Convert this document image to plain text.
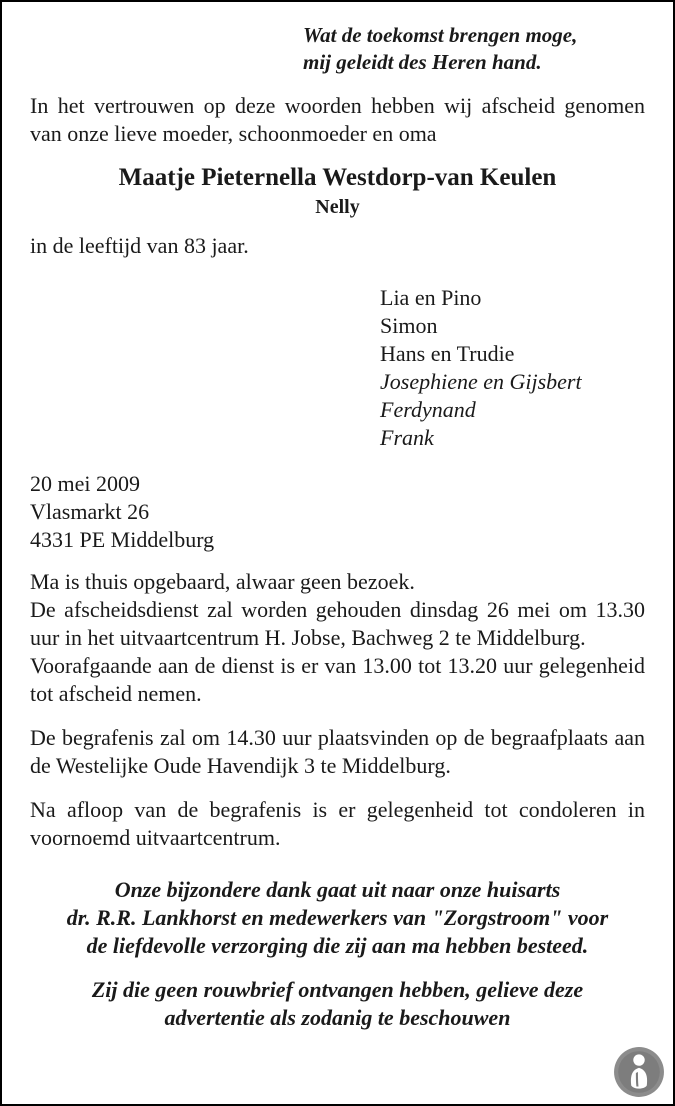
Wat de toekomst brengen moge,
mij geleidt des Heren hand.

In het vertrouwen op deze woorden hebben wij afscheid genomen van onze lieve moeder, schoonmoeder en oma

Maatje Pieternella Westdorp-van Keulen
Nelly

in de leeftijd van 83 jaar.

Lia en Pino
Simon
Hans en Trudie
Josephiene en Gijsbert
Ferdynand
Frank
20 mei 2009
Vlasmarkt 26
4331 PE Middelburg

Ma is thuis opgebaard, alwaar geen bezoek.

De afscheidsdienst zal worden gehouden dinsdag 26 mei om 13.30 uur in het uitvaartcentrum H. Jobse, Bachweg 2 te Middelburg.

Voorafgaande aan de dienst is er van 13.00 tot 13.20 uur gelegenheid tot afscheid nemen.

De begrafenis zal om 14.30 uur plaatsvinden op de begraafplaats aan de Westelijke Oude Havendijk 3 te Middelburg.

Na afloop van de begrafenis is er gelegenheid tot condoleren in voornoemd uitvaartcentrum.

Onze bijzondere dank gaat uit naar onze huisarts
dr. R.R. Lankhorst en medewerkers van "Zorgstroom" voor
de liefdevolle verzorging die zij aan ma hebben besteed.
Zij die geen rouwbrief ontvangen hebben, gelieve deze
advertentie als zodanig te beschouwen
